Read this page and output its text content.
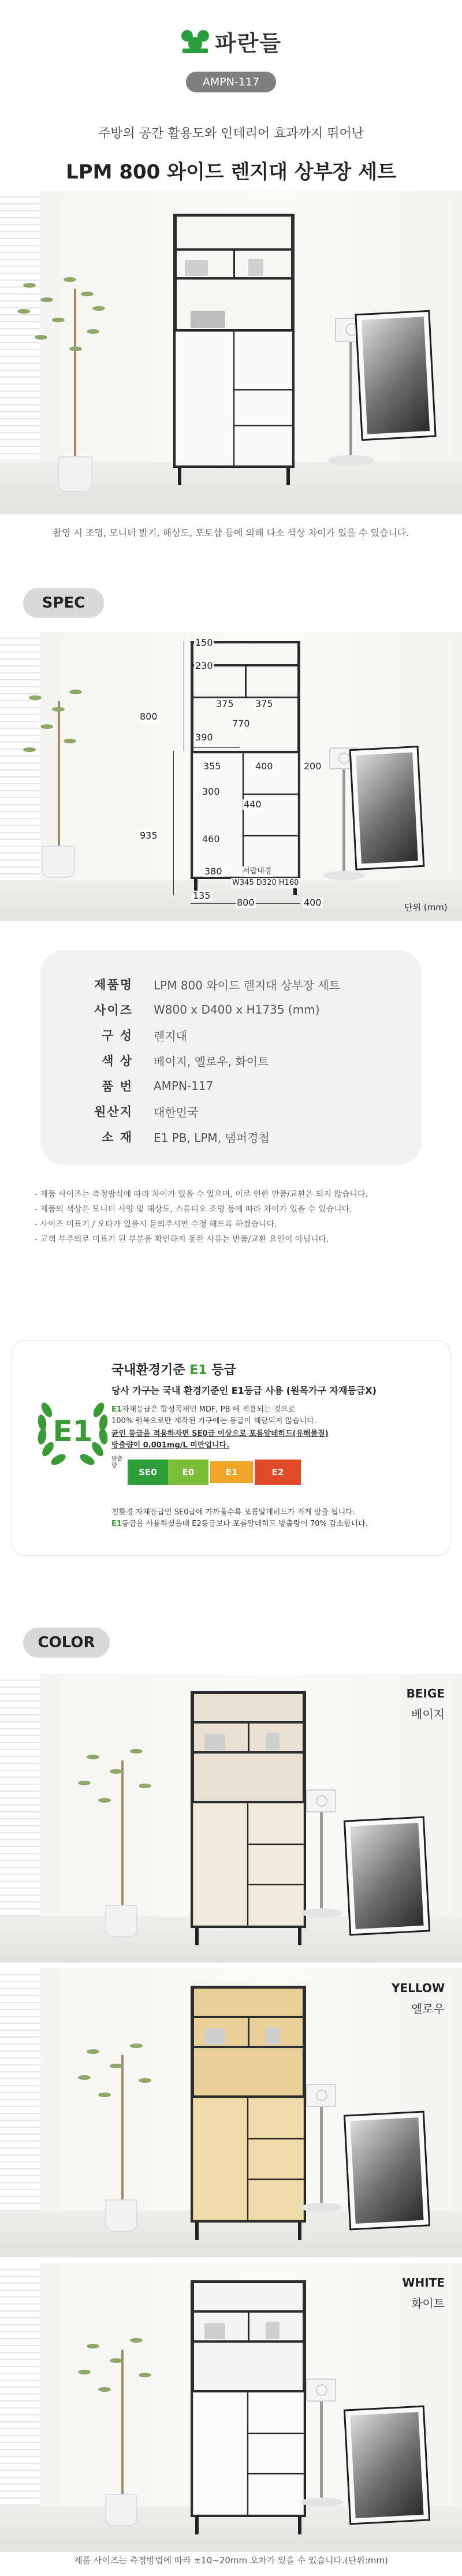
파란들
AMPN-117
주방의 공간 활용도와 인테리어 효과까지 뛰어난
LPM 800 와이드 렌지대 상부장 세트
촬영 시 조명, 모니터 밝기, 해상도, 포토샵 등에 의해 다소 색상 차이가 있을 수 있습니다.
SPEC
150
230
800
375 375
770
390
355	400	200
300
440
935	460
380	서랍내경
W345 D320 H160
135
800	400	단위 (mm)
제품명 LPM 800 와이드 렌지대 상부장 세트
사이즈 W800 x D400 x H1735 (mm)
구 성 렌지대
색 상 베이지, 옐로우, 화이트
품 번 AMPN-117
원산지 대한민국
소 재 E1 PB, LPM, 댐퍼경첩
- 제품 사이즈는 측정방식에 따라 차이가 있을 수 있으며, 이로 인한 반품/교환은 되지 않습니다.
- 제품의 색상은 모니터 사양 및 해상도, 스튜디오 조명 등에 따라 차이가 있을 수 있습니다.
- 사이즈 미표기 / 오타가 있을시 문의주시면 수정 해드록 하겠습니다.
- 고객 부주의로 미표기 된 부분을 확인하지 못한 사유는 반품/교환 요인이 아닙니다.
E1
국내환경기준 E1 등급
당사 가구는 국내 환경기준인 E1등급 사용 (원목가구 자재등급X)
E1자재등급은 합성목재인 MDF, PB 에 적용되는 것으로
100% 원목으로만 제작된 가구에는 등급이 해당되지 않습니다.
균인 등급을 적용하자면 SE0급 이상으로 포름알데히드(유해물질)
방출량이 0.001mg/L 미만입니다.
방출량
SE0	E0	E1	E2
친환경 자재등급인 SE0급에 가까울수록 포름알데히드가 적게 방출 됩니다.
E1등급을 사용하셨을때 E2등급보다 포름알데히드 방출량이 70% 감소합니다.
COLOR
BEIGE
베이지
YELLOW
옐로우
WHITE
화이트
제품 사이즈는 측정방법에 따라 ±10~20mm 오차가 있을 수 있습니다.(단위:mm)
